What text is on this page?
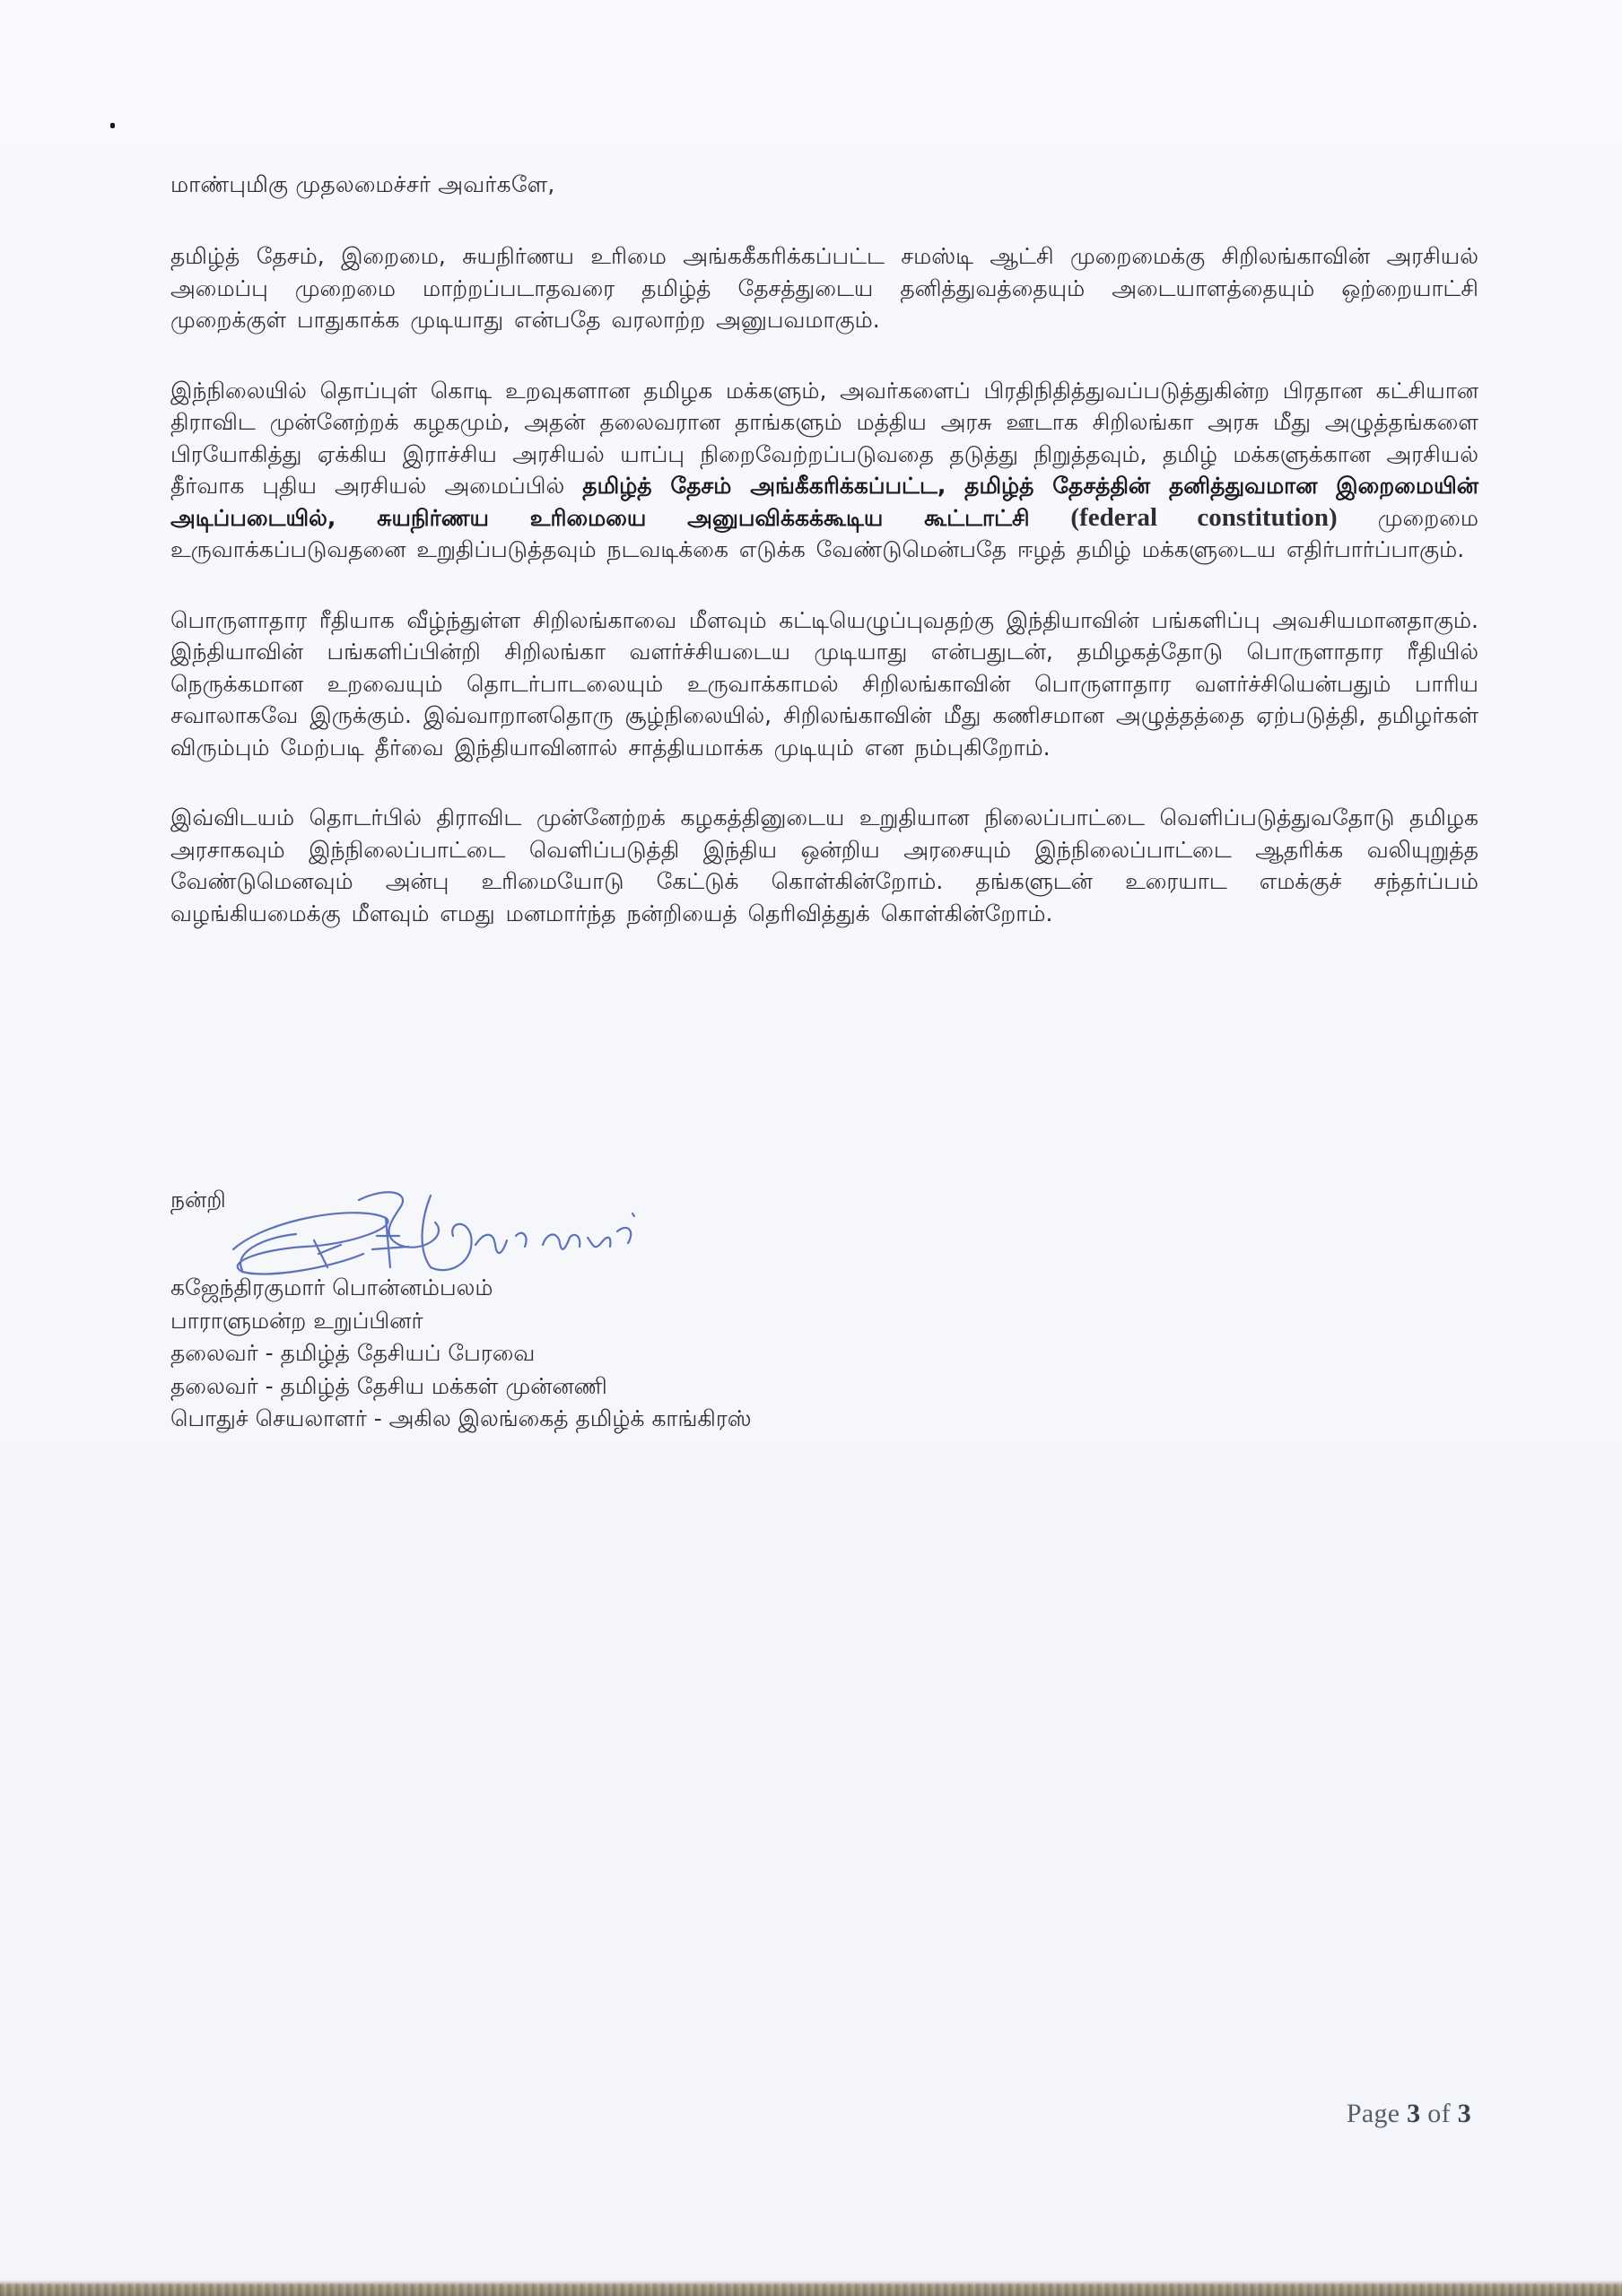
மாண்புமிகு முதலமைச்சர் அவர்களே,

தமிழ்த் தேசம், இறைமை, சுயநிர்ணய உரிமை அங்ககீகரிக்கப்பட்ட சமஸ்டி ஆட்சி முறைமைக்கு சிறிலங்காவின் அரசியல் அமைப்பு முறைமை மாற்றப்படாதவரை தமிழ்த் தேசத்துடைய தனித்துவத்தையும் அடையாளத்தையும் ஒற்றையாட்சி முறைக்குள் பாதுகாக்க முடியாது என்பதே வரலாற்ற அனுபவமாகும்.

இந்நிலையில் தொப்புள் கொடி உறவுகளான தமிழக மக்களும், அவர்களைப் பிரதிநிதித்துவப்படுத்துகின்ற பிரதான கட்சியான திராவிட முன்னேற்றக் கழகமும், அதன் தலைவரான தாங்களும் மத்திய அரசு ஊடாக சிறிலங்கா அரசு மீது அழுத்தங்களை பிரயோகித்து ஏக்கிய இராச்சிய அரசியல் யாப்பு நிறைவேற்றப்படுவதை தடுத்து நிறுத்தவும், தமிழ் மக்களுக்கான அரசியல் தீர்வாக புதிய அரசியல் அமைப்பில் தமிழ்த் தேசம் அங்கீகரிக்கப்பட்ட, தமிழ்த் தேசத்தின் தனித்துவமான இறைமையின் அடிப்படையில், சுயநிர்ணய உரிமையை அனுபவிக்கக்கூடிய கூட்டாட்சி (federal constitution) முறைமை உருவாக்கப்படுவதனை உறுதிப்படுத்தவும் நடவடிக்கை எடுக்க வேண்டுமென்பதே ஈழத் தமிழ் மக்களுடைய எதிர்பார்ப்பாகும்.

பொருளாதார ரீதியாக வீழ்ந்துள்ள சிறிலங்காவை மீளவும் கட்டியெழுப்புவதற்கு இந்தியாவின் பங்களிப்பு அவசியமானதாகும். இந்தியாவின் பங்களிப்பின்றி சிறிலங்கா வளர்ச்சியடைய முடியாது என்பதுடன், தமிழகத்தோடு பொருளாதார ரீதியில் நெருக்கமான உறவையும் தொடர்பாடலையும் உருவாக்காமல் சிறிலங்காவின் பொருளாதார வளர்ச்சியென்பதும் பாரிய சவாலாகவே இருக்கும். இவ்வாறானதொரு சூழ்நிலையில், சிறிலங்காவின் மீது கணிசமான அழுத்தத்தை ஏற்படுத்தி, தமிழர்கள் விரும்பும் மேற்படி தீர்வை இந்தியாவினால் சாத்தியமாக்க முடியும் என நம்புகிறோம்.

இவ்விடயம் தொடர்பில் திராவிட முன்னேற்றக் கழகத்தினுடைய உறுதியான நிலைப்பாட்டை வெளிப்படுத்துவதோடு தமிழக அரசாகவும் இந்நிலைப்பாட்டை வெளிப்படுத்தி இந்திய ஒன்றிய அரசையும் இந்நிலைப்பாட்டை ஆதரிக்க வலியுறுத்த வேண்டுமெனவும் அன்பு உரிமையோடு கேட்டுக் கொள்கின்றோம். தங்களுடன் உரையாட எமக்குச் சந்தர்ப்பம் வழங்கியமைக்கு மீளவும் எமது மனமார்ந்த நன்றியைத் தெரிவித்துக் கொள்கின்றோம்.

நன்றி
கஜேந்திரகுமார் பொன்னம்பலம்
பாராளுமன்ற உறுப்பினர்
தலைவர் - தமிழ்த் தேசியப் பேரவை
தலைவர் - தமிழ்த் தேசிய மக்கள் முன்னணி
பொதுச் செயலாளர் - அகில இலங்கைத் தமிழ்க் காங்கிரஸ்
Page 3 of 3
